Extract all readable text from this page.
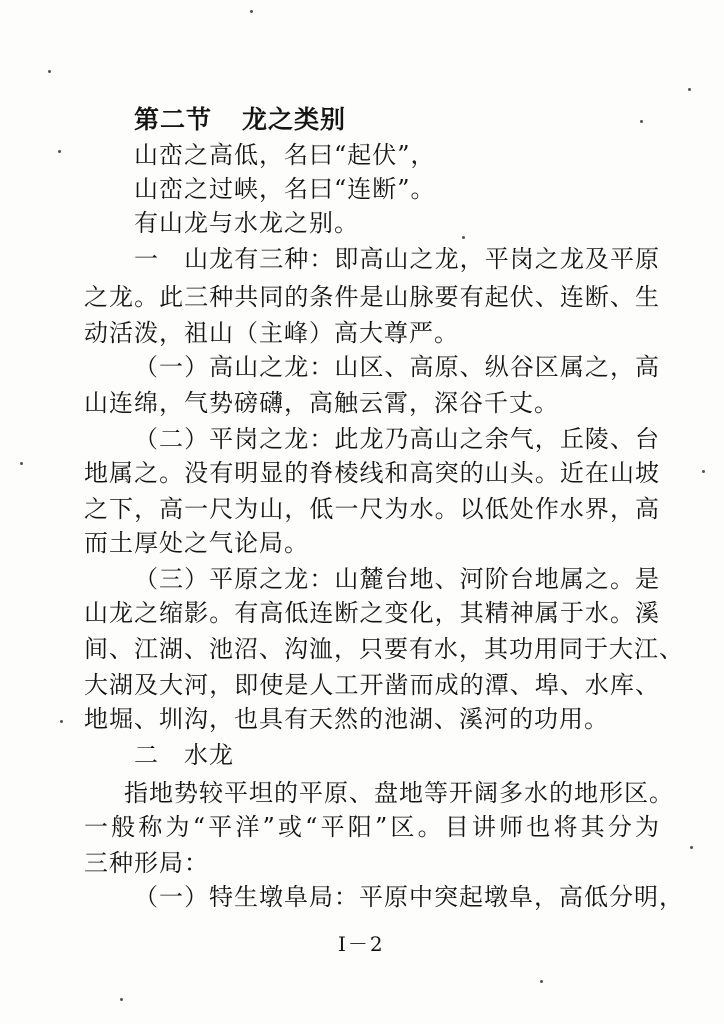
第二节 龙之类别
山峦之高低，名曰“起伏”，
山峦之过峡，名曰“连断”。
有山龙与水龙之别。
一　山龙有三种：即高山之龙，平岗之龙及平原
之龙。此三种共同的条件是山脉要有起伏、连断、生
动活泼，祖山（主峰）高大尊严。
（一）高山之龙：山区、高原、纵谷区属之，高
山连绵，气势磅礴，高触云霄，深谷千丈。
（二）平岗之龙：此龙乃高山之余气，丘陵、台
地属之。没有明显的脊棱线和高突的山头。近在山坡
之下，高一尺为山，低一尺为水。以低处作水界，高
而土厚处之气论局。
（三）平原之龙：山麓台地、河阶台地属之。是
山龙之缩影。有高低连断之变化，其精神属于水。溪
间、江湖、池沼、沟洫，只要有水，其功用同于大江、
大湖及大河，即使是人工开凿而成的潭、埠、水库、
地堀、圳沟，也具有天然的池湖、溪河的功用。
二　水龙
指地势较平坦的平原、盘地等开阔多水的地形区。
一般称为“平洋”或“平阳”区。目讲师也将其分为
三种形局：
（一）特生墩阜局：平原中突起墩阜，高低分明，
I－2
